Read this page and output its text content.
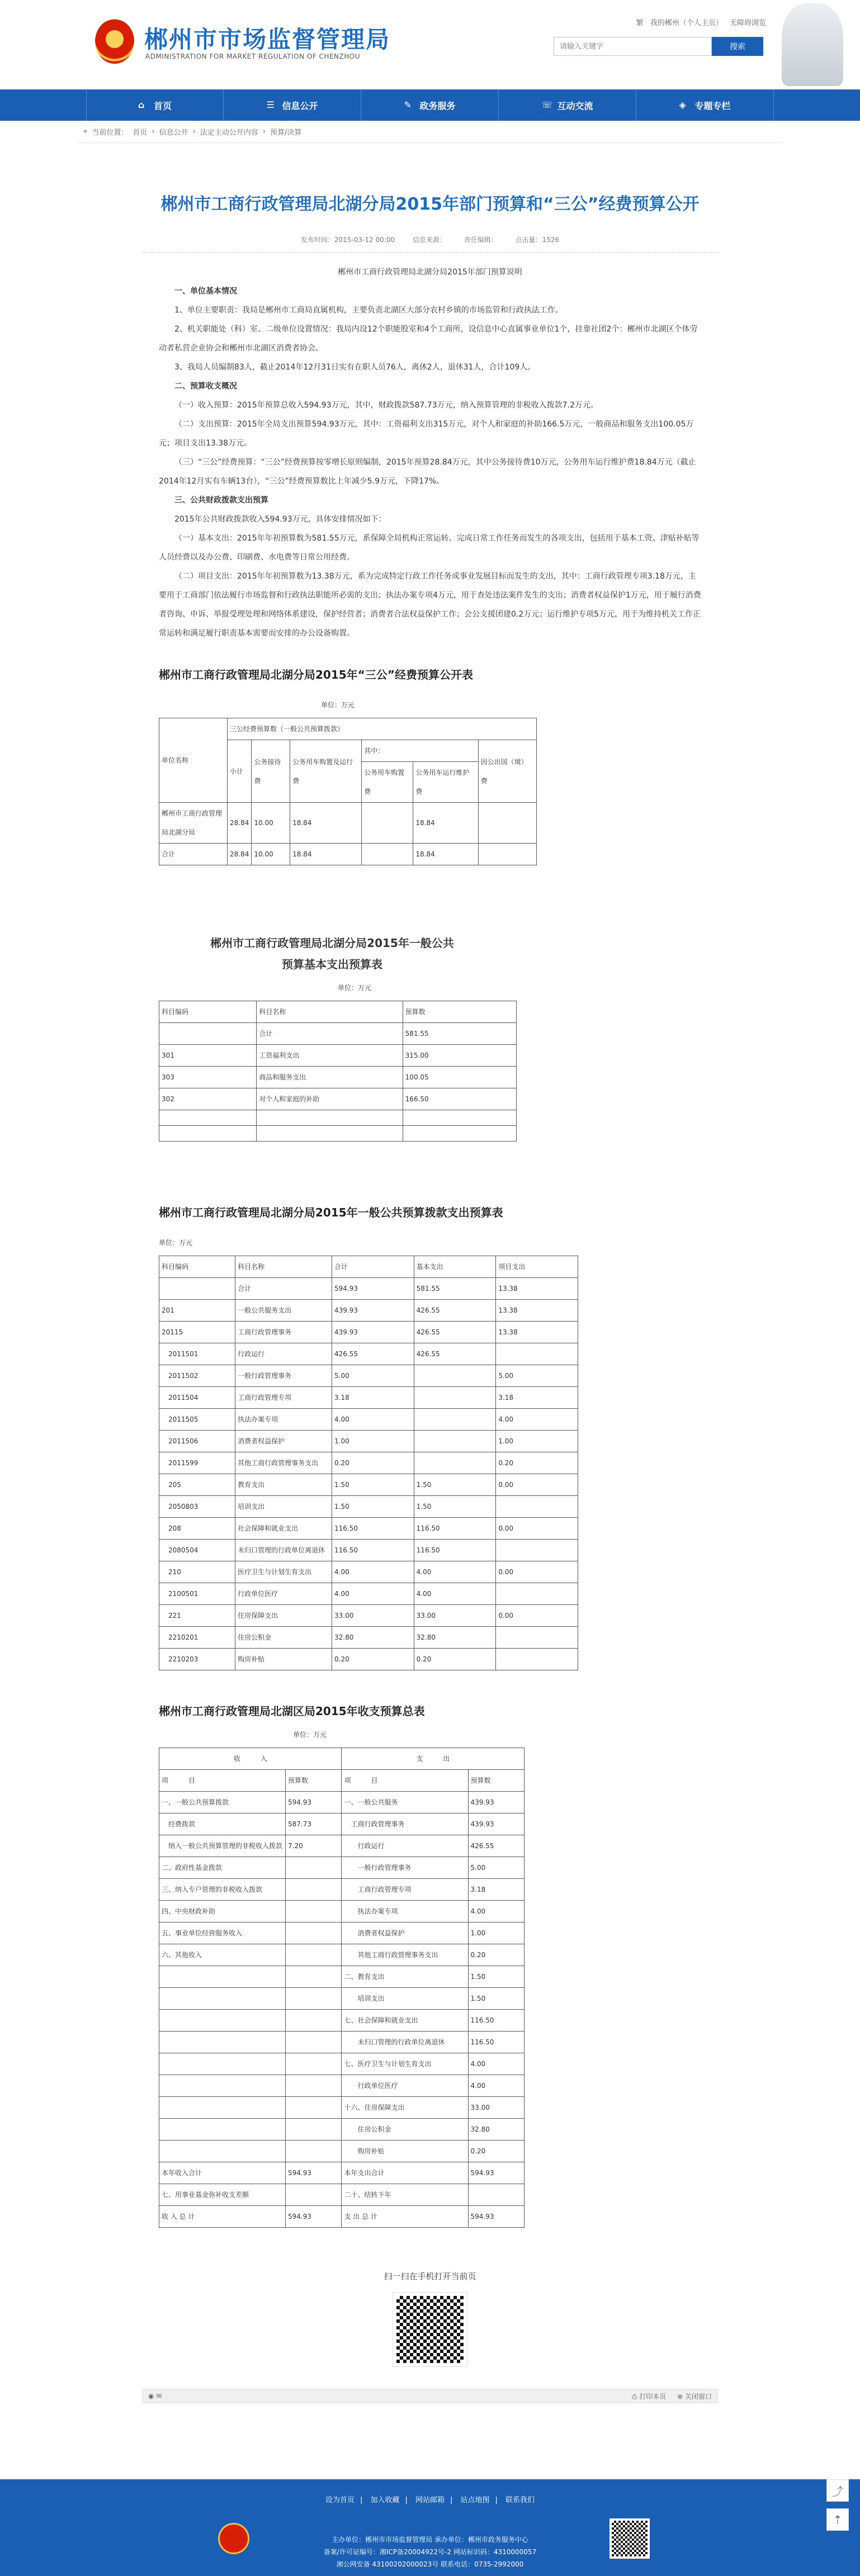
郴州市市场监督管理局
ADMINISTRATION FOR MARKET REGULATION OF CHENZHOU
繁 我的郴州（个人主页） 无障碍浏览
请输入关键字
搜索
⌂	首页	☰ 信息公开	✎ 政务服务	☏ 互动交流	◈ 专题专栏
⌖ 当前位置： 首页 › 信息公开 › 法定主动公开内容 › 预算/决算
郴州市工商行政管理局北湖分局2015年部门预算和“三公”经费预算公开
发布时间：2015-03-12 00:00	信息来源：	责任编辑：	点击量：1526
郴州市工商行政管理局北湖分局2015年部门预算说明

一、单位基本情况

1、单位主要职责：我局是郴州市工商局直属机构，主要负责北湖区大部分农村乡镇的市场监管和行政执法工作。

2、机关职能处（科）室、二级单位设置情况：我局内设12个职能股室和4个工商所，设信息中心直属事业单位1个，挂靠社团2个：郴州市北湖区个体劳动者私营企业协会和郴州市北湖区消费者协会。

3、我局人员编制83人，截止2014年12月31日实有在职人员76人，离休2人，退休31人，合计109人。

二、预算收支概况

（一）收入预算：2015年预算总收入594.93万元，其中，财政拨款587.73万元，纳入预算管理的非税收入拨款7.2万元。

（二）支出预算：2015年全局支出预算594.93万元，其中：工资福利支出315万元，对个人和家庭的补助166.5万元，一般商品和服务支出100.05万元；项目支出13.38万元。

（三）“三公”经费预算：“三公”经费预算按零增长原则编制，2015年预算28.84万元，其中公务接待费10万元，公务用车运行维护费18.84万元（截止2014年12月实有车辆13台），“三公”经费预算数比上年减少5.9万元，下降17%。

三、公共财政拨款支出预算

2015年公共财政拨款收入594.93万元，具体安排情况如下：

（一）基本支出：2015年年初预算数为581.55万元，系保障全局机构正常运转、完成日常工作任务而发生的各项支出，包括用于基本工资、津贴补贴等人员经费以及办公费、印刷费、水电费等日常公用经费。

（二）项目支出：2015年年初预算数为13.38万元，系为完成特定行政工作任务或事业发展目标而发生的支出，其中：工商行政管理专项3.18万元，主要用于工商部门依法履行市场监督和行政执法职能所必需的支出；执法办案专项4万元，用于查处违法案件发生的支出；消费者权益保护1万元，用于履行消费者咨询、申诉、举报受理处理和网络体系建设，保护经营者；消费者合法权益保护工作；会公支援团建0.2万元；运行维护专项5万元，用于为维持机关工作正常运转和满足履行职责基本需要而安排的办公设备购置。

郴州市工商行政管理局北湖分局2015年“三公”经费预算公开表
单位：万元
单位名称	三公经费预算数（一般公共预算拨款）					
	小计	公务接待费	公务用车购置及运行费	其中：		因公出国（境）费
				公务用车购置费	公务用车运行维护费	
郴州市工商行政管理局北湖分局	28.84	10.00	18.84		18.84	
合计	28.84	10.00	18.84		18.84	
郴州市工商行政管理局北湖分局2015年一般公共
预算基本支出预算表
单位：万元
科目编码	科目名称	预算数
	合计	581.55
301	工资福利支出	315.00
303	商品和服务支出	100.05
302	对个人和家庭的补助	166.50

郴州市工商行政管理局北湖分局2015年一般公共预算拨款支出预算表
单位：万元
科目编码	科目名称	合计	基本支出	项目支出
	合计	594.93	581.55	13.38
201	一般公共服务支出	439.93	426.55	13.38
20115	工商行政管理事务	439.93	426.55	13.38
2011501	行政运行	426.55	426.55	
2011502	一般行政管理事务	5.00		5.00
2011504	工商行政管理专项	3.18		3.18
2011505	执法办案专项	4.00		4.00
2011506	消费者权益保护	1.00		1.00
2011599	其他工商行政管理事务支出	0.20		0.20
205	教育支出	1.50	1.50	0.00
2050803	培训支出	1.50	1.50	
208	社会保障和就业支出	116.50	116.50	0.00
2080504	未归口管理的行政单位离退休	116.50	116.50	
210	医疗卫生与计划生育支出	4.00	4.00	0.00
2100501	行政单位医疗	4.00	4.00	
221	住房保障支出	33.00	33.00	0.00
2210201	住房公积金	32.80	32.80	
2210203	购房补贴	0.20	0.20	
郴州市工商行政管理局北湖区局2015年收支预算总表
单位：万元
收　　　入		支　　　出	
项　　　目	预算数	项　　　目	预算数
一、一般公共预算拨款	594.93	一、一般公共服务	439.93
　经费拨款	587.73	　工商行政管理事务	439.93
　纳入一般公共预算管理的非税收入拨款	7.20	　　行政运行	426.55
二、政府性基金拨款		　　一般行政管理事务	5.00
三、纳入专户管理的非税收入拨款		　　工商行政管理专项	3.18
四、中央财政补助		　　执法办案专项	4.00
五、事业单位经营服务收入		　　消费者权益保护	1.00
六、其他收入		　　其他工商行政管理事务支出	0.20
		二、教育支出	1.50
		　　培训支出	1.50
		七、社会保障和就业支出	116.50
		　　未归口管理的行政单位离退休	116.50
		七、医疗卫生与计划生育支出	4.00
		　　行政单位医疗	4.00
		十六、住房保障支出	33.00
		　　住房公积金	32.80
		　　购房补贴	0.20
本年收入合计	594.93	本年支出合计	594.93
七、用事业基金弥补收支差额		二十、结转下年	
收 入 总 计	594.93	支 出 总 计	594.93
扫一扫在手机打开当前页
◉ ✉	⎙ 打印本页 ⊗ 关闭窗口
设为首页 | 加入收藏 | 网站邮箱 | 站点地图 | 联系我们
主办单位：郴州市市场监督管理局 承办单位：郴州市政务服务中心
备案/许可证编号：湘ICP备20004922号-2 网站标识码：4310000057
湘公网安备 43100202000023号 联系电话：0735-2992000
⤴
⇡
